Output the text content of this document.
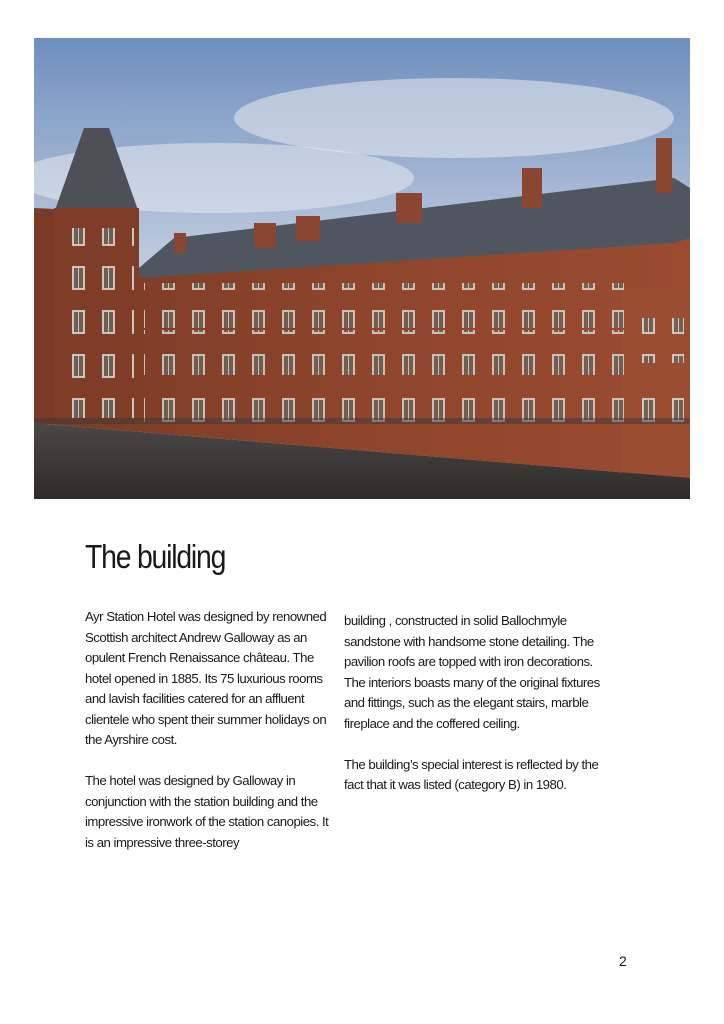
The building

Ayr Station Hotel was designed by renowned Scottish architect Andrew Galloway as an opulent French Renaissance château. The hotel opened in 1885. Its 75 luxurious rooms and lavish facilities catered for an affluent clientele who spent their summer holidays on the Ayrshire cost.

The hotel was designed by Galloway in conjunction with the station building and the impressive ironwork of the station canopies. It is an impressive three-storey

building , constructed in solid Ballochmyle sandstone with handsome stone detailing. The pavilion roofs are topped with iron decorations. The interiors boasts many of the original fixtures and fittings, such as the elegant stairs, marble fireplace and the coffered ceiling.

The building’s special interest is reflected by the fact that it was listed (category B) in 1980.

2
